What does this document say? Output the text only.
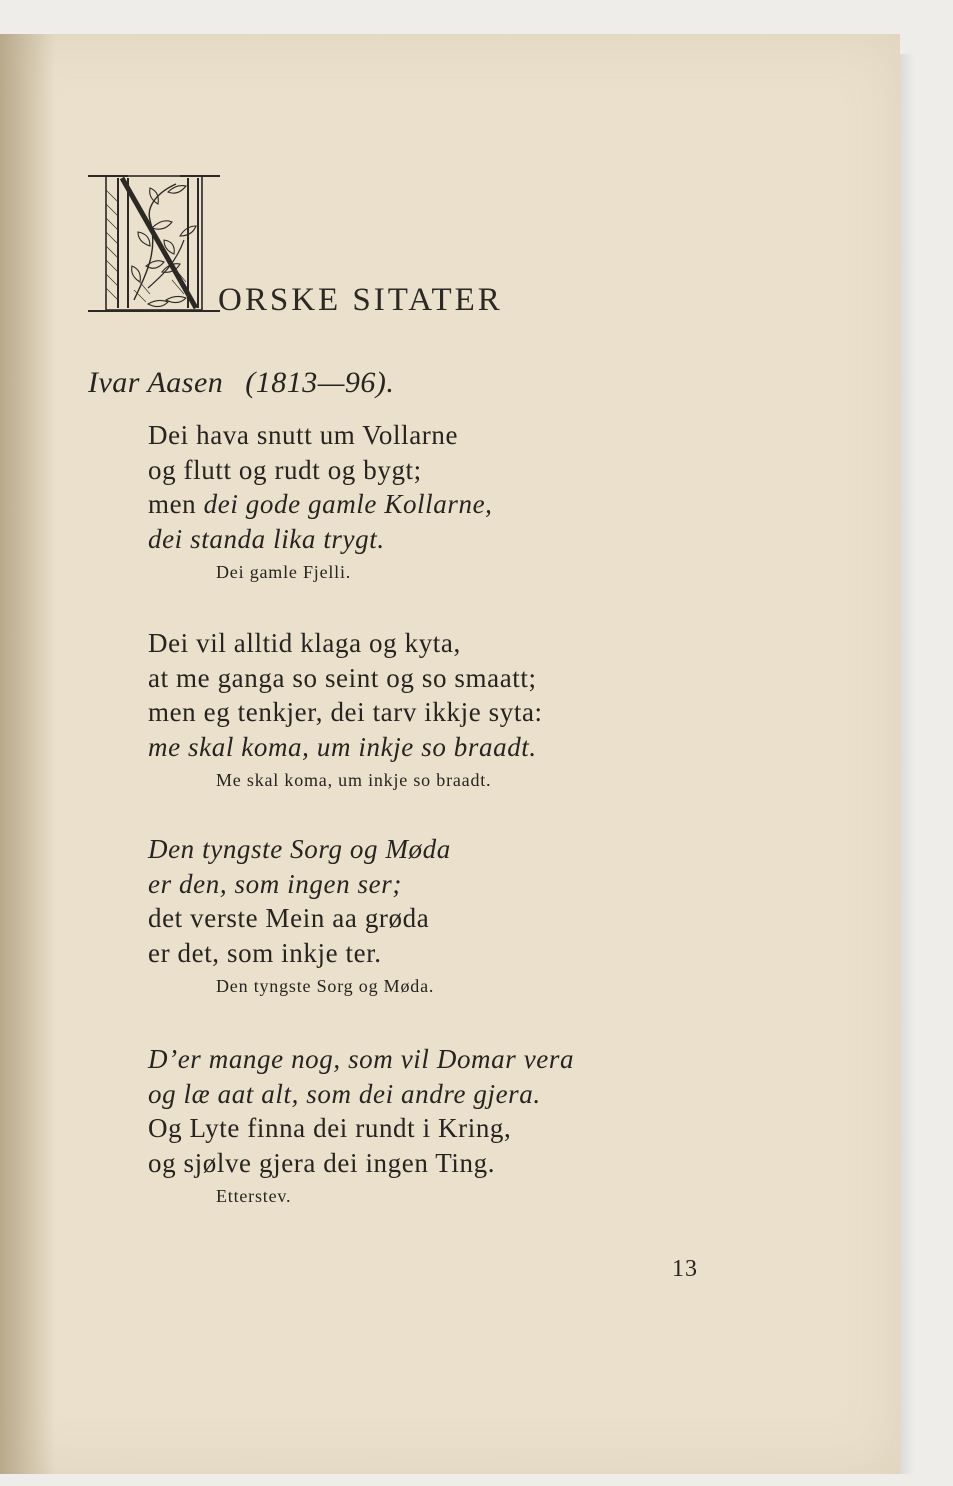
ORSKE SITATER
Ivar Aasen (1813—96).
Dei hava snutt um Vollarne
og flutt og rudt og bygt;
men dei gode gamle Kollarne,
dei standa lika trygt.
Dei gamle Fjelli.
Dei vil alltid klaga og kyta,
at me ganga so seint og so smaatt;
men eg tenkjer, dei tarv ikkje syta:
me skal koma, um inkje so braadt.
Me skal koma, um inkje so braadt.
Den tyngste Sorg og Møda
er den, som ingen ser;
det verste Mein aa grøda
er det, som inkje ter.
Den tyngste Sorg og Møda.
D’er mange nog, som vil Domar vera
og læ aat alt, som dei andre gjera.
Og Lyte finna dei rundt i Kring,
og sjølve gjera dei ingen Ting.
Etterstev.
13
